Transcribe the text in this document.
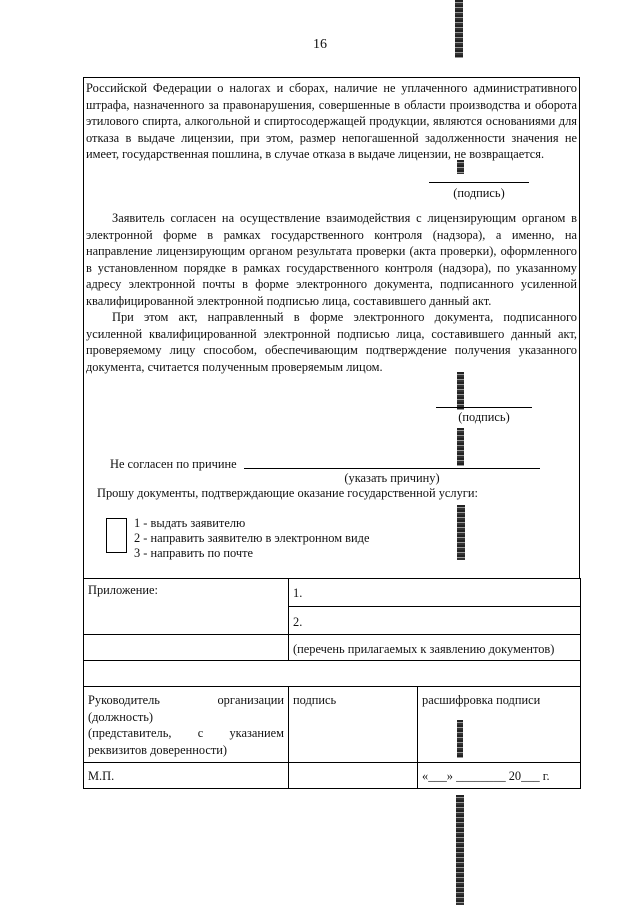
16

Российской Федерации о налогах и сборах, наличие не уплаченного административного штрафа, назначенного за правонарушения, совершенные в области производства и оборота этилового спирта, алкогольной и спиртосодержащей продукции, являются основаниями для отказа в выдаче лицензии, при этом, размер непогашенной задолженности значения не имеет, государственная пошлина, в случае отказа в выдаче лицензии, не возвращается.

(подпись)

Заявитель согласен на осуществление взаимодействия с лицензирующим органом в электронной форме в рамках государственного контроля (надзора), а именно, на направление лицензирующим органом результата проверки (акта проверки), оформленного в установленном порядке в рамках государственного контроля (надзора), по указанному адресу электронной почты в форме электронного документа, подписанного усиленной квалифицированной электронной подписью лица, составившего данный акт.

При этом акт, направленный в форме электронного документа, подписанного усиленной квалифицированной электронной подписью лица, составившего данный акт, проверяемому лицу способом, обеспечивающим подтверждение получения указанного документа, считается полученным проверяемым лицом.

(подпись)
Не согласен по причине
(указать причину)
Прошу документы, подтверждающие оказание государственной услуги:
1 - выдать заявителю
2 - направить заявителю в электронном виде
3 - направить по почте
Приложение:	1.	
	2.	
	(перечень прилагаемых к заявлению документов)	

Руководитель организации (должность)
(представитель, с указанием реквизитов доверенности)	подпись	расшифровка подписи
М.П.		«___» ________ 20___ г.
